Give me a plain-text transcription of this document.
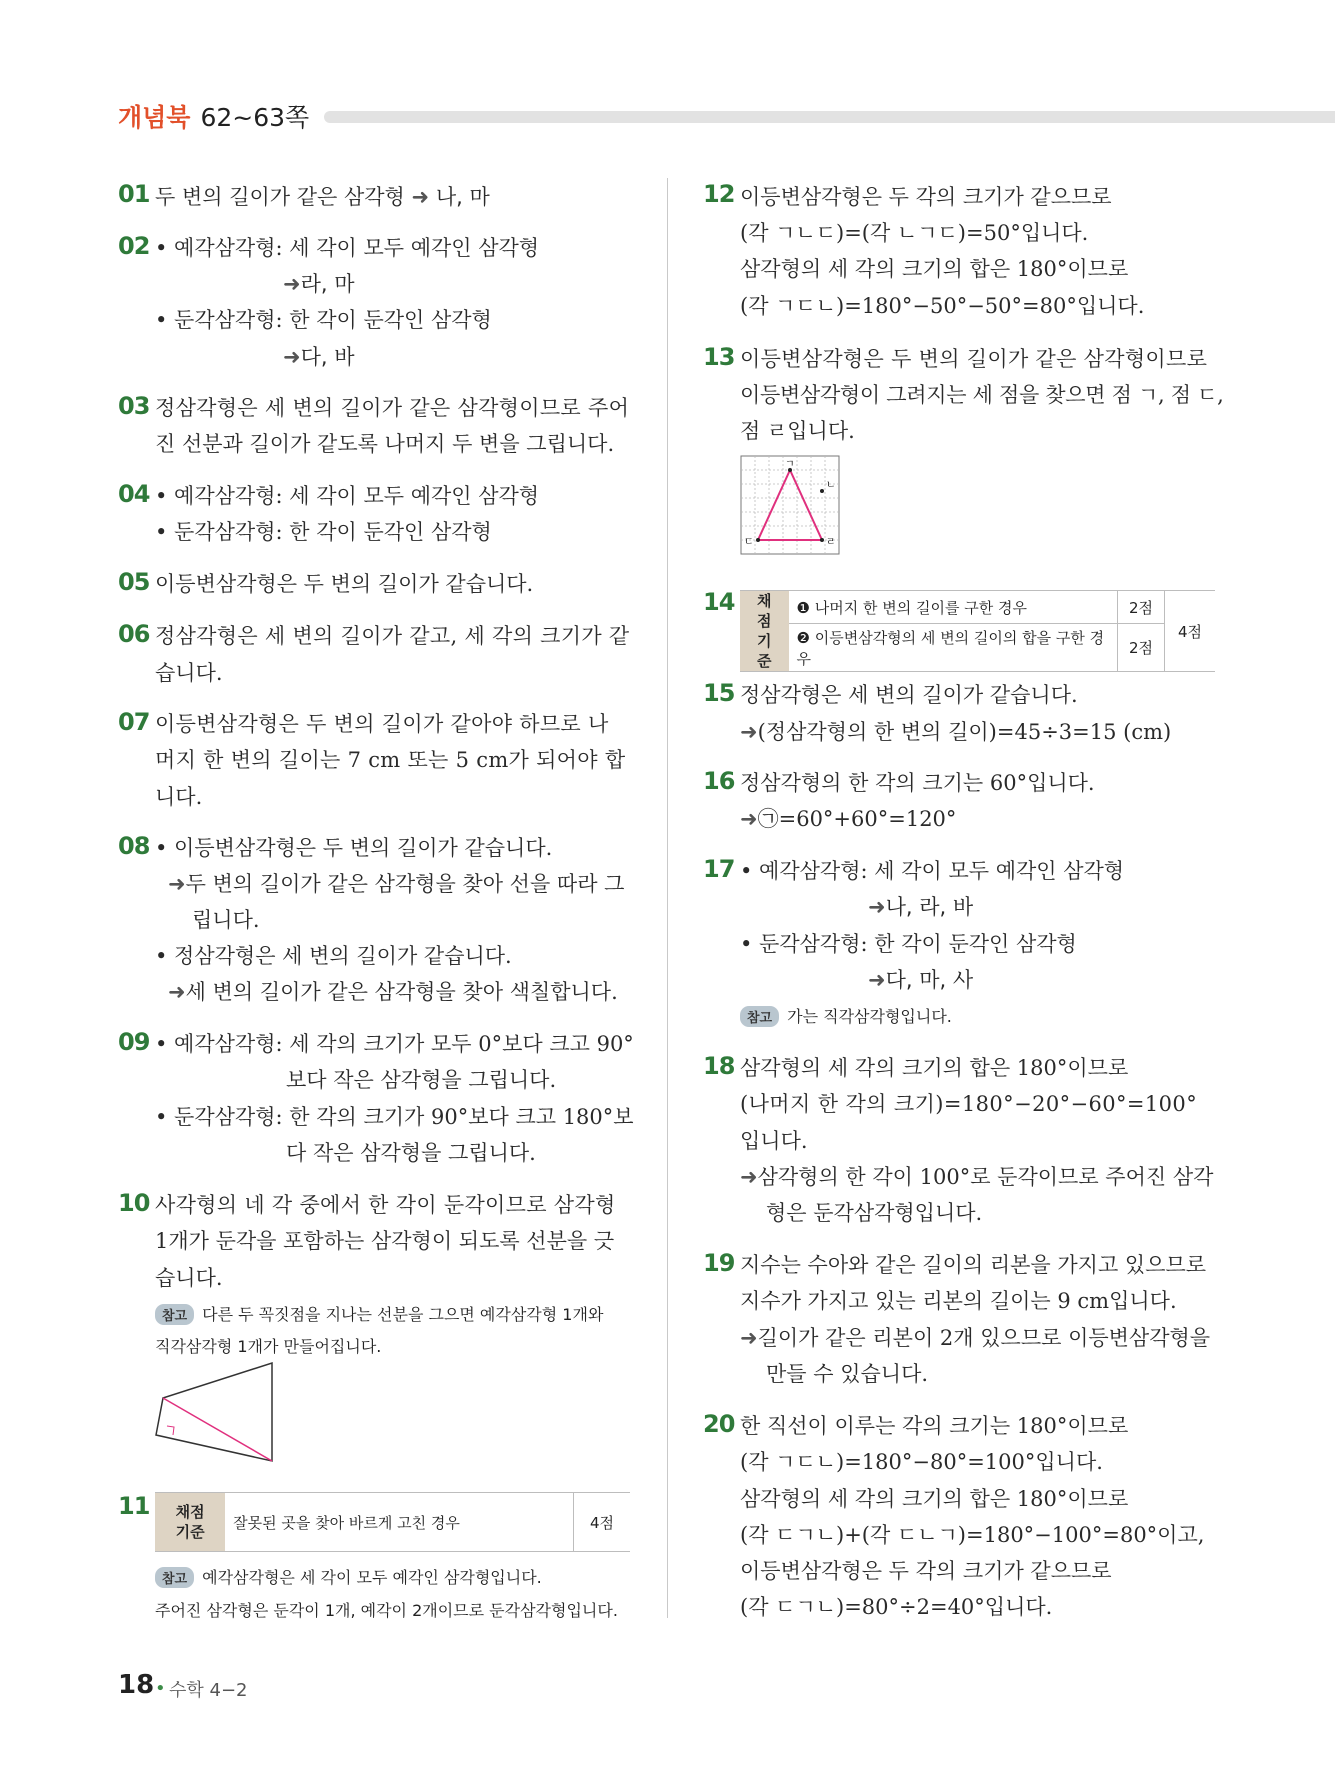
개념북 62~63쪽
01 두 변의 길이가 같은 삼각형 ➜ 나, 마
02 • 예각삼각형: 세 각이 모두 예각인 삼각형
➜라, 마
• 둔각삼각형: 한 각이 둔각인 삼각형
➜다, 바
03 정삼각형은 세 변의 길이가 같은 삼각형이므로 주어
진 선분과 길이가 같도록 나머지 두 변을 그립니다.
04 • 예각삼각형: 세 각이 모두 예각인 삼각형
• 둔각삼각형: 한 각이 둔각인 삼각형
05 이등변삼각형은 두 변의 길이가 같습니다.
06 정삼각형은 세 변의 길이가 같고, 세 각의 크기가 같
습니다.
07 이등변삼각형은 두 변의 길이가 같아야 하므로 나
머지 한 변의 길이는 7 cm 또는 5 cm가 되어야 합
니다.
08 • 이등변삼각형은 두 변의 길이가 같습니다.
➜두 변의 길이가 같은 삼각형을 찾아 선을 따라 그
립니다.
• 정삼각형은 세 변의 길이가 같습니다.
➜세 변의 길이가 같은 삼각형을 찾아 색칠합니다.
09 • 예각삼각형: 세 각의 크기가 모두 0°보다 크고 90°
보다 작은 삼각형을 그립니다.
• 둔각삼각형: 한 각의 크기가 90°보다 크고 180°보
다 작은 삼각형을 그립니다.
10 사각형의 네 각 중에서 한 각이 둔각이므로 삼각형
1개가 둔각을 포함하는 삼각형이 되도록 선분을 긋
습니다.
참고 다른 두 꼭짓점을 지나는 선분을 그으면 예각삼각형 1개와
직각삼각형 1개가 만들어집니다.
11 채점
기준	잘못된 곳을 찾아 바르게 고친 경우	4점
참고 예각삼각형은 세 각이 모두 예각인 삼각형입니다.
주어진 삼각형은 둔각이 1개, 예각이 2개이므로 둔각삼각형입니다.
12 이등변삼각형은 두 각의 크기가 같으므로
(각 ㄱㄴㄷ)=(각 ㄴㄱㄷ)=50°입니다.
삼각형의 세 각의 크기의 합은 180°이므로
(각 ㄱㄷㄴ)=180°−50°−50°=80°입니다.
13 이등변삼각형은 두 변의 길이가 같은 삼각형이므로
이등변삼각형이 그려지는 세 점을 찾으면 점 ㄱ, 점 ㄷ,
점 ㄹ입니다.
ㄱ
ㄴ
ㄷ	ㄹ
14 채점
기준	❶ 나머지 한 변의 길이를 구한 경우	2점	4점
	❷ 이등변삼각형의 세 변의 길이의 합을 구한 경우	2점	
15 정삼각형은 세 변의 길이가 같습니다.
➜(정삼각형의 한 변의 길이)=45÷3=15 (cm)
16 정삼각형의 한 각의 크기는 60°입니다.
➜㉠=60°+60°=120°
17 • 예각삼각형: 세 각이 모두 예각인 삼각형
➜나, 라, 바
• 둔각삼각형: 한 각이 둔각인 삼각형
➜다, 마, 사
참고 가는 직각삼각형입니다.
18 삼각형의 세 각의 크기의 합은 180°이므로
(나머지 한 각의 크기)=180°−20°−60°=100°
입니다.
➜삼각형의 한 각이 100°로 둔각이므로 주어진 삼각
형은 둔각삼각형입니다.
19 지수는 수아와 같은 길이의 리본을 가지고 있으므로
지수가 가지고 있는 리본의 길이는 9 cm입니다.
➜길이가 같은 리본이 2개 있으므로 이등변삼각형을
만들 수 있습니다.
20 한 직선이 이루는 각의 크기는 180°이므로
(각 ㄱㄷㄴ)=180°−80°=100°입니다.
삼각형의 세 각의 크기의 합은 180°이므로
(각 ㄷㄱㄴ)+(각 ㄷㄴㄱ)=180°−100°=80°이고,
이등변삼각형은 두 각의 크기가 같으므로
(각 ㄷㄱㄴ)=80°÷2=40°입니다.
18 • 수학 4−2
